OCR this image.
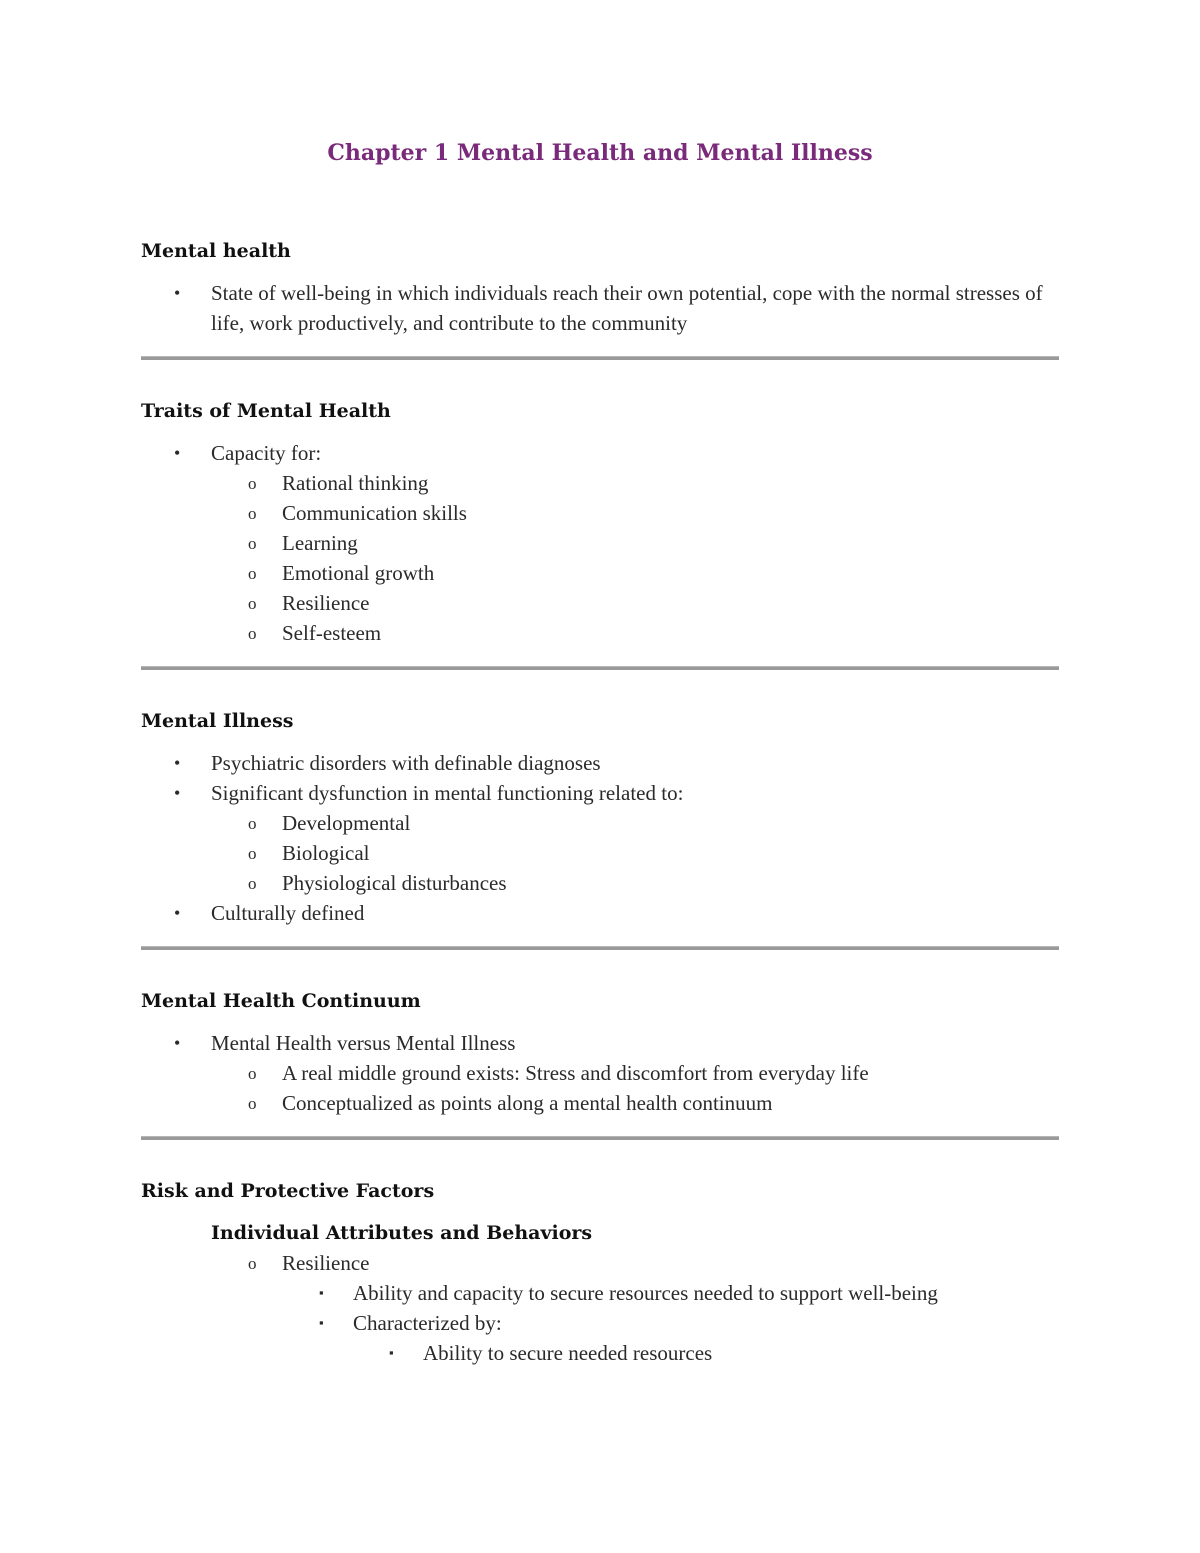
Chapter 1 Mental Health and Mental Illness
Mental health
• State of well-being in which individuals reach their own potential, cope with the normal stresses of life, work productively, and contribute to the community
Traits of Mental Health
• Capacity for:
o Rational thinking
o Communication skills
o Learning
o Emotional growth
o Resilience
o Self-esteem
Mental Illness
• Psychiatric disorders with definable diagnoses
• Significant dysfunction in mental functioning related to:
o Developmental
o Biological
o Physiological disturbances
• Culturally defined
Mental Health Continuum
• Mental Health versus Mental Illness
o A real middle ground exists: Stress and discomfort from everyday life
o Conceptualized as points along a mental health continuum
Risk and Protective Factors
Individual Attributes and Behaviors
o Resilience
▪ Ability and capacity to secure resources needed to support well-being
▪ Characterized by:
▪ Ability to secure needed resources
